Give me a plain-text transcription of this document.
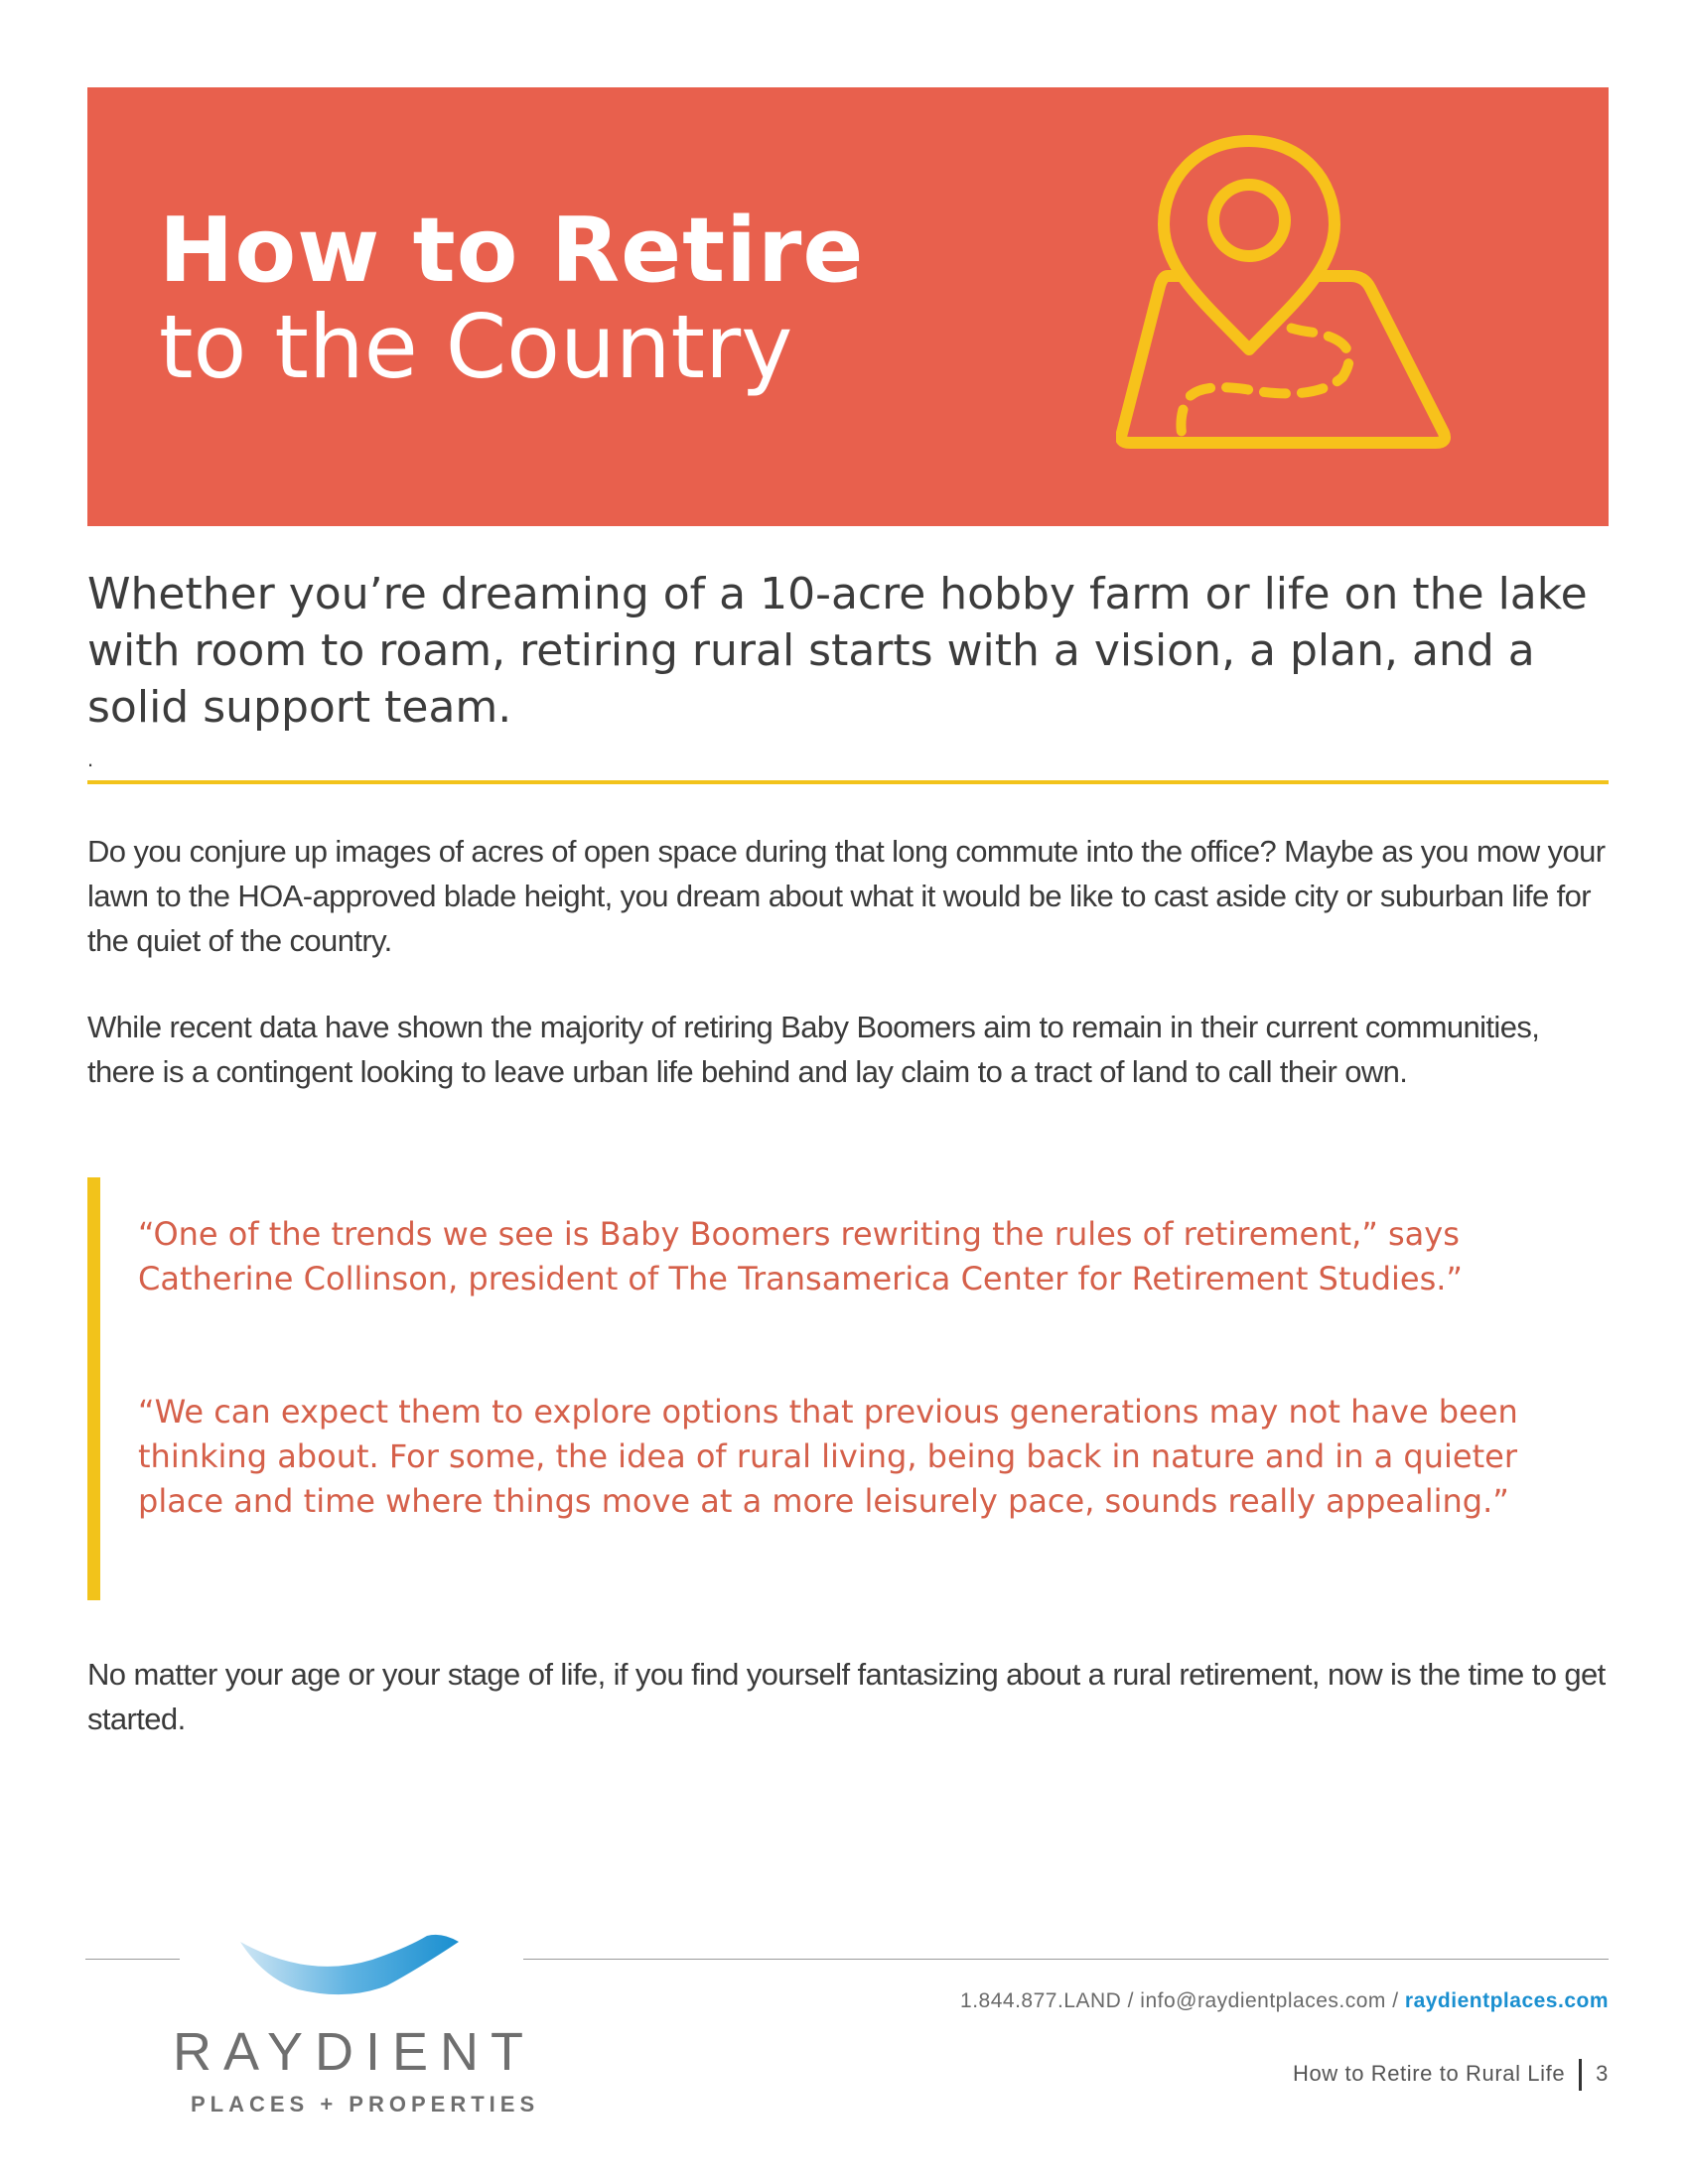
How to Retire
to the Country
Whether you’re dreaming of a 10-acre hobby farm or life on the lake with room to roam, retiring rural starts with a vision, a plan, and a solid support team.
.
Do you conjure up images of acres of open space during that long commute into the office? Maybe as you mow your lawn to the HOA-approved blade height, you dream about what it would be like to cast aside city or suburban life for the quiet of the country.
While recent data have shown the majority of retiring Baby Boomers aim to remain in their current communities, there is a contingent looking to leave urban life behind and lay claim to a tract of land to call their own.
“One of the trends we see is Baby Boomers rewriting the rules of retirement,” says Catherine Collinson, president of The Transamerica Center for Retirement Studies.”
“We can expect them to explore options that previous generations may not have been thinking about. For some, the idea of rural living, being back in nature and in a quieter place and time where things move at a more leisurely pace, sounds really appealing.”
No matter your age or your stage of life, if you find yourself fantasizing about a rural retirement, now is the time to get started.
RAYDIENT
PLACES + PROPERTIES
1.844.877.LAND / info@raydientplaces.com / raydientplaces.com
How to Retire to Rural Life 3
